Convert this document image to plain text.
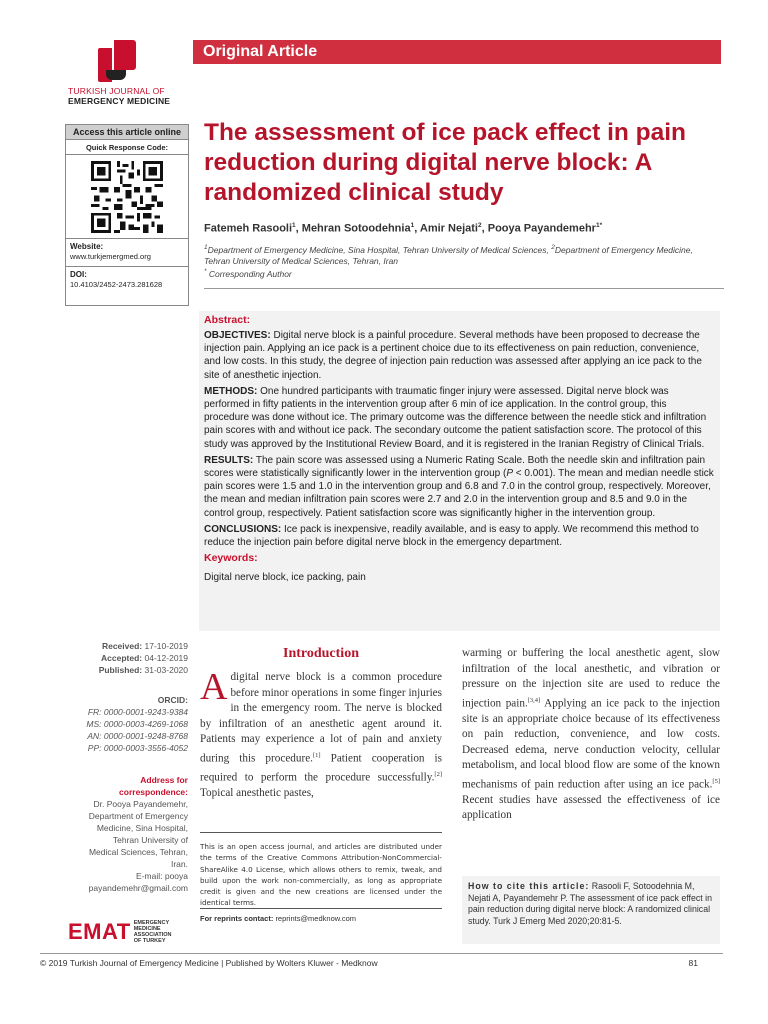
TURKISH JOURNAL OF
EMERGENCY MEDICINE
Original Article
Access this article online
Quick Response Code:
Website:
www.turkjemergmed.org
DOI:
10.4103/2452-2473.281628
The assessment of ice pack effect in pain reduction during digital nerve block: A randomized clinical study
Fatemeh Rasooli$^1$, Mehran Sotoodehnia$^1$, Amir Nejati$^2$, Pooya Payandemehr$^{1*}$
$^1$Department of Emergency Medicine, Sina Hospital, Tehran University of Medical Sciences, $^2$Department of Emergency Medicine, Tehran University of Medical Sciences, Tehran, Iran
* Corresponding Author
Abstract:

OBJECTIVES: Digital nerve block is a painful procedure. Several methods have been proposed to decrease the injection pain. Applying an ice pack is a pertinent choice due to its effectiveness on pain reduction, convenience, and low costs. In this study, the degree of injection pain reduction was assessed after applying an ice pack to the site of anesthetic injection.

METHODS: One hundred participants with traumatic finger injury were assessed. Digital nerve block was performed in fifty patients in the intervention group after 6 min of ice application. In the control group, this procedure was done without ice. The primary outcome was the difference between the needle stick and infiltration pain scores with and without ice pack. The secondary outcome the patient satisfaction score. The protocol of this study was approved by the Institutional Review Board, and it is registered in the Iranian Registry of Clinical Trials.

RESULTS: The pain score was assessed using a Numeric Rating Scale. Both the needle skin and infiltration pain scores were statistically significantly lower in the intervention group (P < 0.001). The mean and median needle stick pain scores were 1.5 and 1.0 in the intervention group and 6.8 and 7.0 in the control group, respectively. Moreover, the mean and median infiltration pain scores were 2.7 and 2.0 in the intervention group and 8.5 and 9.0 in the control group, respectively. Patient satisfaction score was significantly higher in the intervention group.

CONCLUSIONS: Ice pack is inexpensive, readily available, and is easy to apply. We recommend this method to reduce the injection pain before digital nerve block in the emergency department.

Keywords:
Digital nerve block, ice packing, pain
Received: 17-10-2019
Accepted: 04-12-2019
Published: 31-03-2020
ORCID:
FR: 0000-0001-9243-9384
MS: 0000-0003-4269-1068
AN: 0000-0001-9248-8768
PP: 0000-0003-3556-4052
Address for
correspondence:
Dr. Pooya Payandemehr,
Department of Emergency
Medicine, Sina Hospital,
Tehran University of
Medical Sciences, Tehran,
Iran.
E-mail: pooya
payandemehr@gmail.com
Introduction

Adigital nerve block is a common procedure before minor operations in some finger injuries in the emergency room. The nerve is blocked by infiltration of an anesthetic agent around it. Patients may experience a lot of pain and anxiety during this procedure.[1] Patient cooperation is required to perform the procedure successfully.[2] Topical anesthetic pastes,

warming or buffering the local anesthetic agent, slow infiltration of the local anesthetic, and vibration or pressure on the injection site are used to reduce the injection pain.[3,4] Applying an ice pack to the injection site is an appropriate choice because of its effectiveness on pain reduction, convenience, and low costs. Decreased edema, nerve conduction velocity, cellular metabolism, and local blood flow are some of the known mechanisms of pain reduction after using an ice pack.[5] Recent studies have assessed the effectiveness of ice application

This is an open access journal, and articles are distributed under the terms of the Creative Commons Attribution-NonCommercial-ShareAlike 4.0 License, which allows others to remix, tweak, and build upon the work non-commercially, as long as appropriate credit is given and the new creations are licensed under the identical terms.
For reprints contact: reprints@medknow.com
How to cite this article: Rasooli F, Sotoodehnia M, Nejati A, Payandemehr P. The assessment of ice pack effect in pain reduction during digital nerve block: A randomized clinical study. Turk J Emerg Med 2020;20:81-5.
EMAT EMERGENCY
MEDICINE
ASSOCIATION
OF TURKEY
© 2019 Turkish Journal of Emergency Medicine | Published by Wolters Kluwer - Medknow	81
